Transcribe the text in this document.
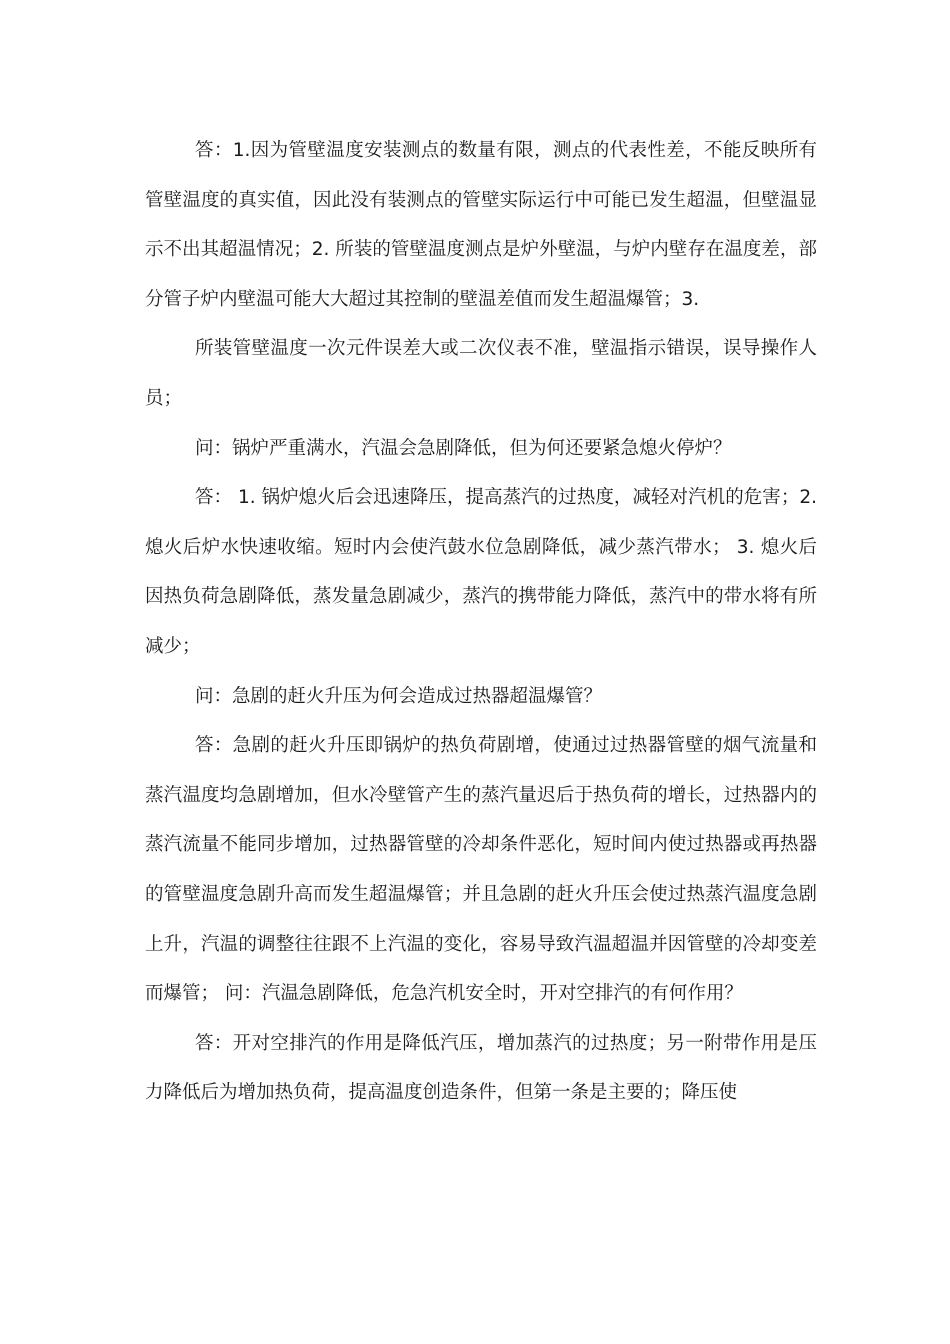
答：1.因为管壁温度安装测点的数量有限，测点的代表性差，不能反映所有管壁温度的真实值，因此没有装测点的管壁实际运行中可能已发生超温，但壁温显示不出其超温情况；2. 所装的管壁温度测点是炉外壁温，与炉内壁存在温度差，部分管子炉内壁温可能大大超过其控制的壁温差值而发生超温爆管；3.

所装管壁温度一次元件误差大或二次仪表不准，壁温指示错误，误导操作人员；

问：锅炉严重满水，汽温会急剧降低，但为何还要紧急熄火停炉？

答： 1. 锅炉熄火后会迅速降压，提高蒸汽的过热度，减轻对汽机的危害；2. 熄火后炉水快速收缩。短时内会使汽鼓水位急剧降低，减少蒸汽带水； 3. 熄火后因热负荷急剧降低，蒸发量急剧减少，蒸汽的携带能力降低，蒸汽中的带水将有所减少；

问：急剧的赶火升压为何会造成过热器超温爆管？

答：急剧的赶火升压即锅炉的热负荷剧增，使通过过热器管壁的烟气流量和蒸汽温度均急剧增加，但水冷壁管产生的蒸汽量迟后于热负荷的增长，过热器内的蒸汽流量不能同步增加，过热器管壁的冷却条件恶化，短时间内使过热器或再热器的管壁温度急剧升高而发生超温爆管；并且急剧的赶火升压会使过热蒸汽温度急剧上升，汽温的调整往往跟不上汽温的变化，容易导致汽温超温并因管壁的冷却变差而爆管； 问：汽温急剧降低，危急汽机安全时，开对空排汽的有何作用？

答：开对空排汽的作用是降低汽压，增加蒸汽的过热度；另一附带作用是压力降低后为增加热负荷，提高温度创造条件，但第一条是主要的；降压使
